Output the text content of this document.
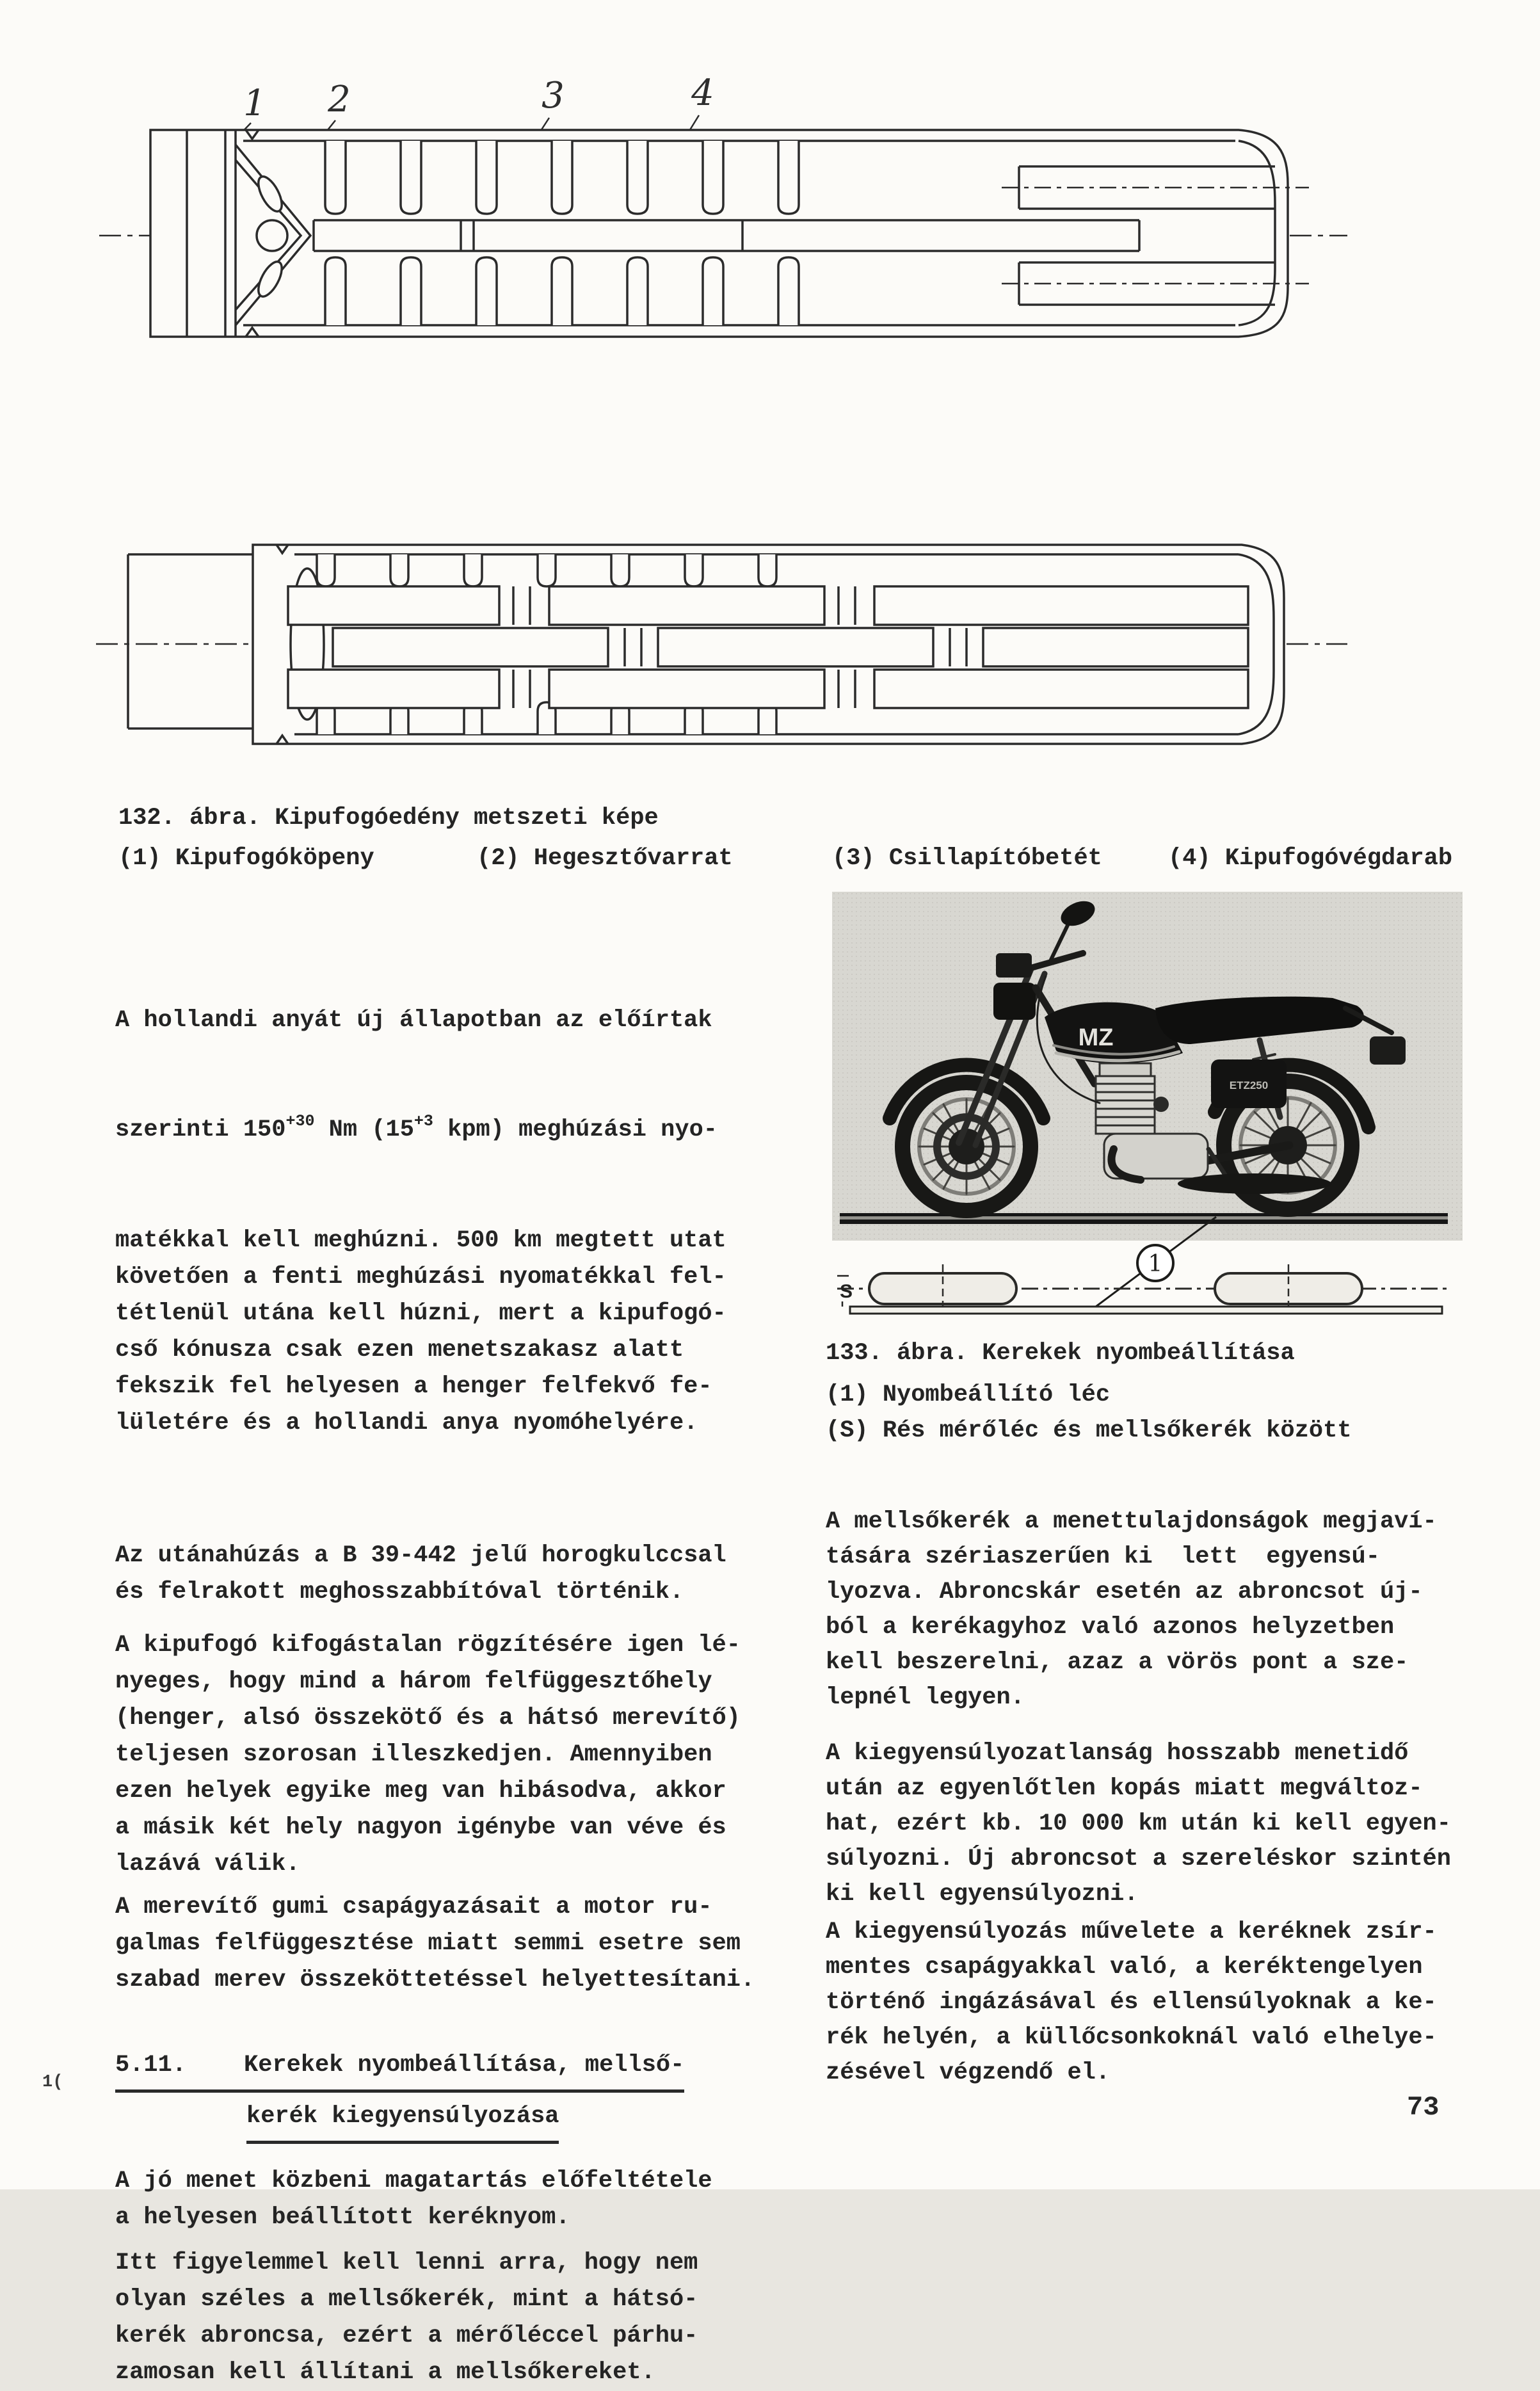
1 2	3	4
132. ábra. Kipufogóedény metszeti képe
(1) Kipufogóköpeny	(2) Hegesztővarrat	(3) Csillapítóbetét	(4) Kipufogóvégdarab

A hollandi anyát új állapotban az előírtak

szerinti $150^{+30}$ Nm ($15^{+3}$ kpm) meghúzási nyo-

matékkal kell meghúzni. 500 km megtett utat
követően a fenti meghúzási nyomatékkal fel-
tétlenül utána kell húzni, mert a kipufogó-
cső kónusza csak ezen menetszakasz alatt
fekszik fel helyesen a henger felfekvő fe-
lületére és a hollandi anya nyomóhelyére.

Az utánahúzás a B 39-442 jelű horogkulccsal
és felrakott meghosszabbítóval történik.
A kipufogó kifogástalan rögzítésére igen lé-
nyeges, hogy mind a három felfüggesztőhely
(henger, alsó összekötő és a hátsó merevítő)
teljesen szorosan illeszkedjen. Amennyiben
ezen helyek egyike meg van hibásodva, akkor
a másik két hely nagyon igénybe van véve és
lazává válik.
A merevítő gumi csapágyazásait a motor ru-
galmas felfüggesztése miatt semmi esetre sem
szabad merev összeköttetéssel helyettesítani.
5.11. Kerekek nyombeállítása, mellső-
kerék kiegyensúlyozása
A jó menet közbeni magatartás előfeltétele
a helyesen beállított keréknyom.
Itt figyelemmel kell lenni arra, hogy nem
olyan széles a mellsőkerék, mint a hátsó-
kerék abroncsa, ezért a mérőléccel párhu-
zamosan kell állítani a mellsőkereket.
MZ
ETZ250
1
S
133. ábra. Kerekek nyombeállítása
(1) Nyombeállító léc
(S) Rés mérőléc és mellsőkerék között
A mellsőkerék a menettulajdonságok megjaví-
tására szériaszerűen ki  lett  egyensú-
lyozva. Abroncskár esetén az abroncsot új-
ból a kerékagyhoz való azonos helyzetben
kell beszerelni, azaz a vörös pont a sze-
lepnél legyen.
A kiegyensúlyozatlanság hosszabb menetidő
után az egyenlőtlen kopás miatt megváltoz-
hat, ezért kb. 10 000 km után ki kell egyen-
súlyozni. Új abroncsot a szereléskor szintén
ki kell egyensúlyozni.
A kiegyensúlyozás művelete a keréknek zsír-
mentes csapágyakkal való, a keréktengelyen
történő ingázásával és ellensúlyoknak a ke-
rék helyén, a küllőcsonkoknál való elhelye-
zésével végzendő el.
73
1(
